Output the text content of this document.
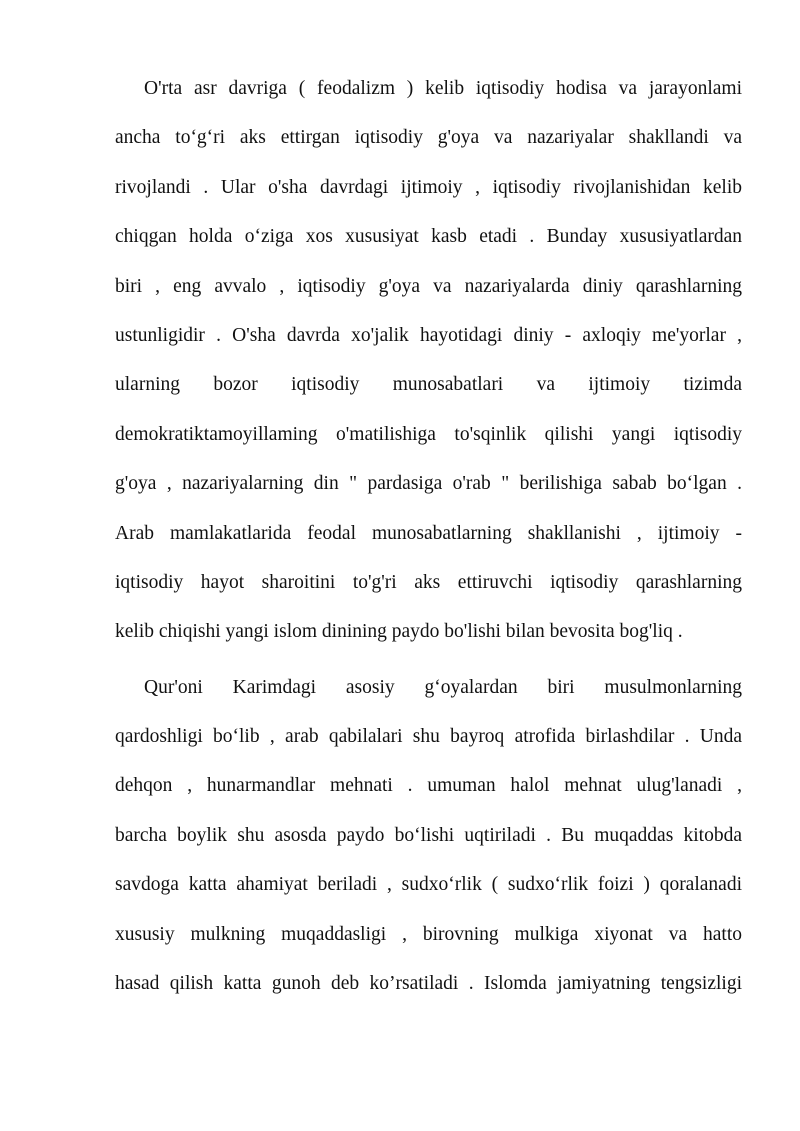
O'rta asr davriga ( feodalizm ) kelib iqtisodiy hodisa va jarayonlami
ancha to‘g‘ri aks ettirgan iqtisodiy g'oya va nazariyalar shakllandi va
rivojlandi . Ular o'sha davrdagi ijtimoiy , iqtisodiy rivojlanishidan kelib
chiqgan holda o‘ziga xos xususiyat kasb etadi . Bunday xususiyatlardan
biri , eng avvalo , iqtisodiy g'oya va nazariyalarda diniy qarashlarning
ustunligidir . O'sha davrda xo'jalik hayotidagi diniy - axloqiy me'yorlar ,
ularning bozor iqtisodiy munosabatlari va ijtimoiy tizimda
demokratiktamoyillaming o'matilishiga to'sqinlik qilishi yangi iqtisodiy
g'oya , nazariyalarning din " pardasiga o'rab " berilishiga sabab bo‘lgan .
Arab mamlakatlarida feodal munosabatlarning shakllanishi , ijtimoiy -
iqtisodiy hayot sharoitini to'g'ri aks ettiruvchi iqtisodiy qarashlarning
kelib chiqishi yangi islom dinining paydo bo'lishi bilan bevosita bog'liq .
Qur'oni Karimdagi asosiy g‘oyalardan biri musulmonlarning
qardoshligi bo‘lib , arab qabilalari shu bayroq atrofida birlashdilar . Unda
dehqon , hunarmandlar mehnati . umuman halol mehnat ulug'lanadi ,
barcha boylik shu asosda paydo bo‘lishi uqtiriladi . Bu muqaddas kitobda
savdoga katta ahamiyat beriladi , sudxo‘rlik ( sudxo‘rlik foizi ) qoralanadi
xususiy mulkning muqaddasligi , birovning mulkiga xiyonat va hatto
hasad qilish katta gunoh deb ko’rsatiladi . Islomda jamiyatning tengsizligi
